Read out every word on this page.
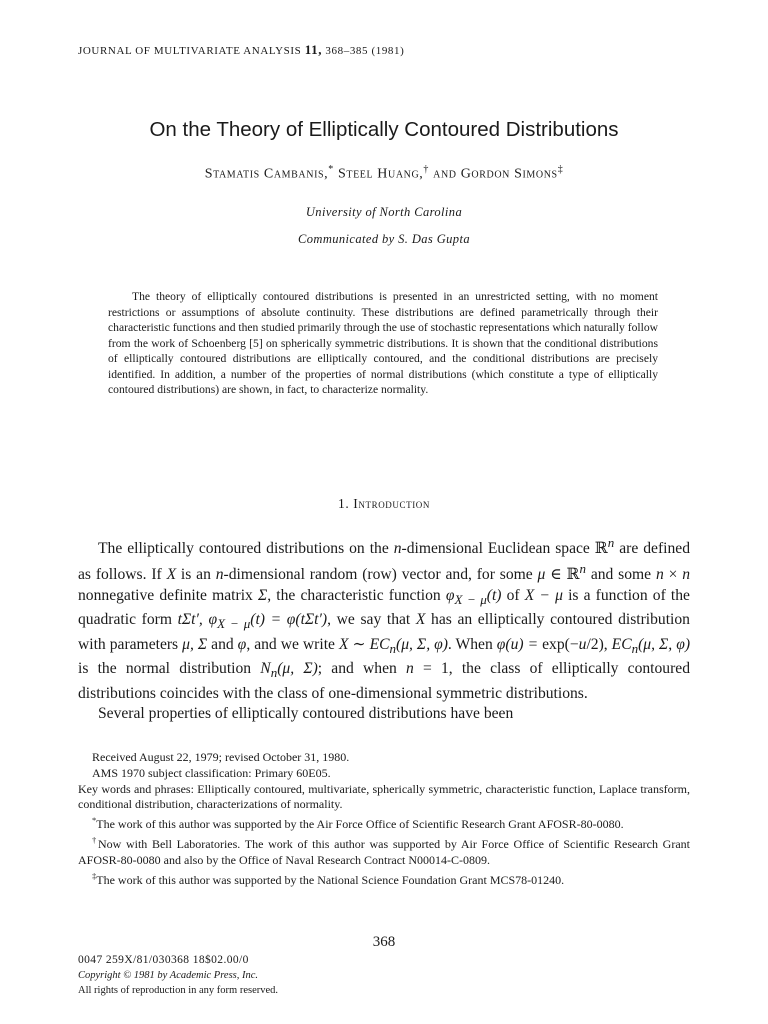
JOURNAL OF MULTIVARIATE ANALYSIS 11, 368–385 (1981)
On the Theory of Elliptically Contoured Distributions
Stamatis Cambanis,* Steel Huang,† and Gordon Simons‡
University of North Carolina
Communicated by S. Das Gupta
The theory of elliptically contoured distributions is presented in an unrestricted setting, with no moment restrictions or assumptions of absolute continuity. These distributions are defined parametrically through their characteristic functions and then studied primarily through the use of stochastic representations which naturally follow from the work of Schoenberg [5] on spherically symmetric distributions. It is shown that the conditional distributions of elliptically contoured distributions are elliptically contoured, and the conditional distributions are precisely identified. In addition, a number of the properties of normal distributions (which constitute a type of elliptically contoured distributions) are shown, in fact, to characterize normality.
1. Introduction

The elliptically contoured distributions on the n-dimensional Euclidean space ℝ$^n$ are defined as follows. If X is an n-dimensional random (row) vector and, for some μ ∈ ℝ$^n$ and some n × n nonnegative definite matrix Σ, the characteristic function $\varphi_{X - \mu}(t)$ of X − μ is a function of the quadratic form tΣt′, $\varphi_{X - \mu}(t) = \varphi(t\Sigma t')$, we say that X has an elliptically contoured distribution with parameters μ, Σ and φ, and we write X ∼ $EC_n(\mu$, Σ, φ). When φ(u) = exp(−u/2), $EC_n(\mu$, Σ, φ) is the normal distribution $N_n(\mu$, Σ); and when n = 1, the class of elliptically contoured distributions coincides with the class of one-dimensional symmetric distributions.

Several properties of elliptically contoured distributions have been

Received August 22, 1979; revised October 31, 1980.

AMS 1970 subject classification: Primary 60E05.

Key words and phrases: Elliptically contoured, multivariate, spherically symmetric, characteristic function, Laplace transform, conditional distribution, characterizations of normality.

*The work of this author was supported by the Air Force Office of Scientific Research Grant AFOSR-80-0080.

†Now with Bell Laboratories. The work of this author was supported by Air Force Office of Scientific Research Grant AFOSR-80-0080 and also by the Office of Naval Research Contract N00014-C-0809.

‡The work of this author was supported by the National Science Foundation Grant MCS78-01240.

368
0047 259X/81/030368 18$02.00/0
Copyright © 1981 by Academic Press, Inc.
All rights of reproduction in any form reserved.
